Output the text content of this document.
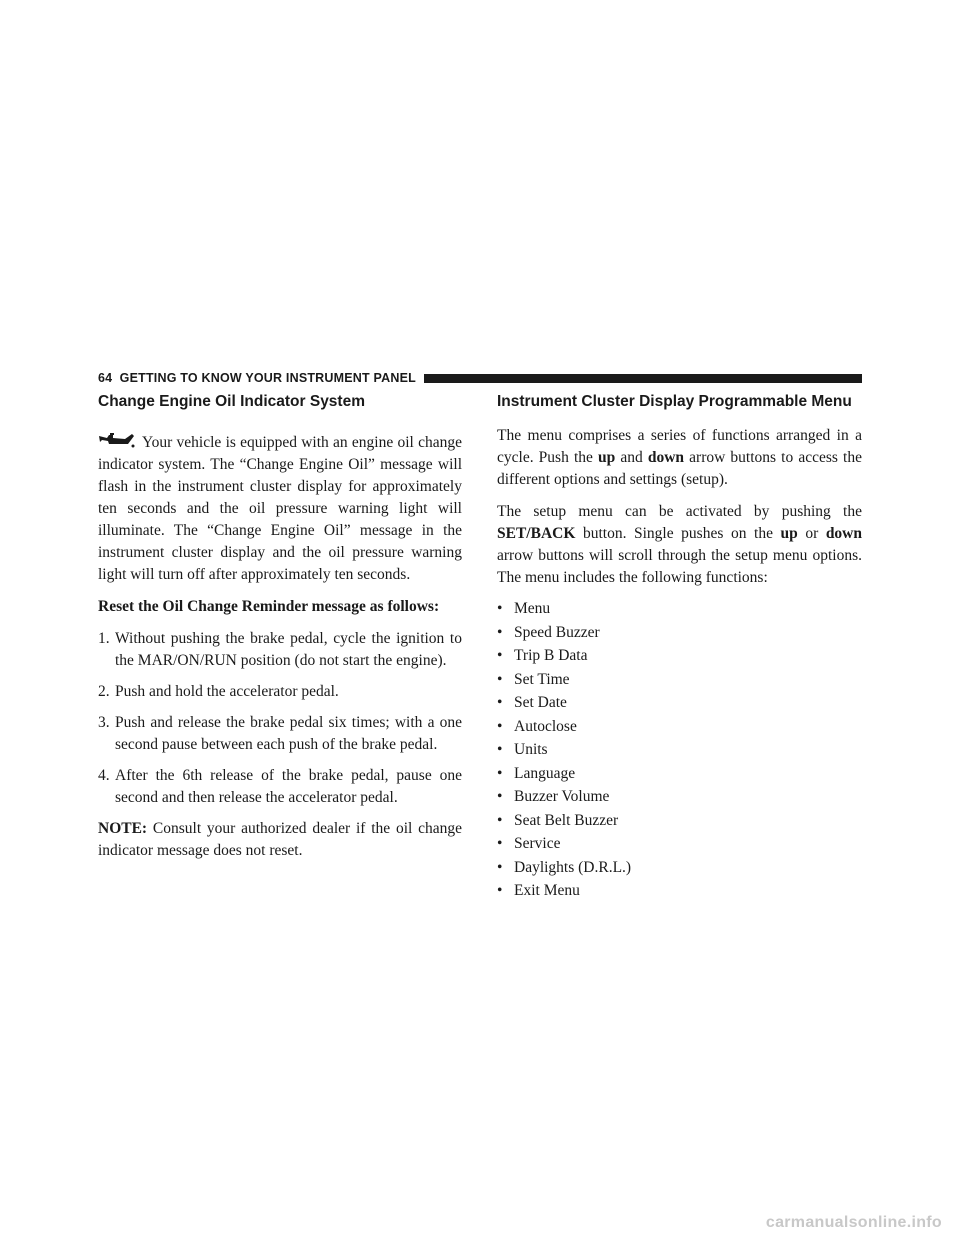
64 GETTING TO KNOW YOUR INSTRUMENT PANEL
Change Engine Oil Indicator System

Your vehicle is equipped with an engine oil change indicator system. The “Change Engine Oil” message will flash in the instrument cluster display for approximately ten seconds and the oil pressure warning light will illuminate. The “Change Engine Oil” message in the instrument cluster display and the oil pressure warning light will turn off after approximately ten seconds.

Reset the Oil Change Reminder message as follows:

1. Without pushing the brake pedal, cycle the ignition to the MAR/ON/RUN position (do not start the engine).
2. Push and hold the accelerator pedal.
3. Push and release the brake pedal six times; with a one second pause between each push of the brake pedal.
4. After the 6th release of the brake pedal, pause one second and then release the accelerator pedal.

NOTE: Consult your authorized dealer if the oil change indicator message does not reset.

Instrument Cluster Display Programmable Menu

The menu comprises a series of functions arranged in a cycle. Push the up and down arrow buttons to access the different options and settings (setup).

The setup menu can be activated by pushing the SET/BACK button. Single pushes on the up or down arrow buttons will scroll through the setup menu options. The menu includes the following functions:

• Menu
• Speed Buzzer
• Trip B Data
• Set Time
• Set Date
• Autoclose
• Units
• Language
• Buzzer Volume
• Seat Belt Buzzer
• Service
• Daylights (D.R.L.)
• Exit Menu
carmanualsonline.info
